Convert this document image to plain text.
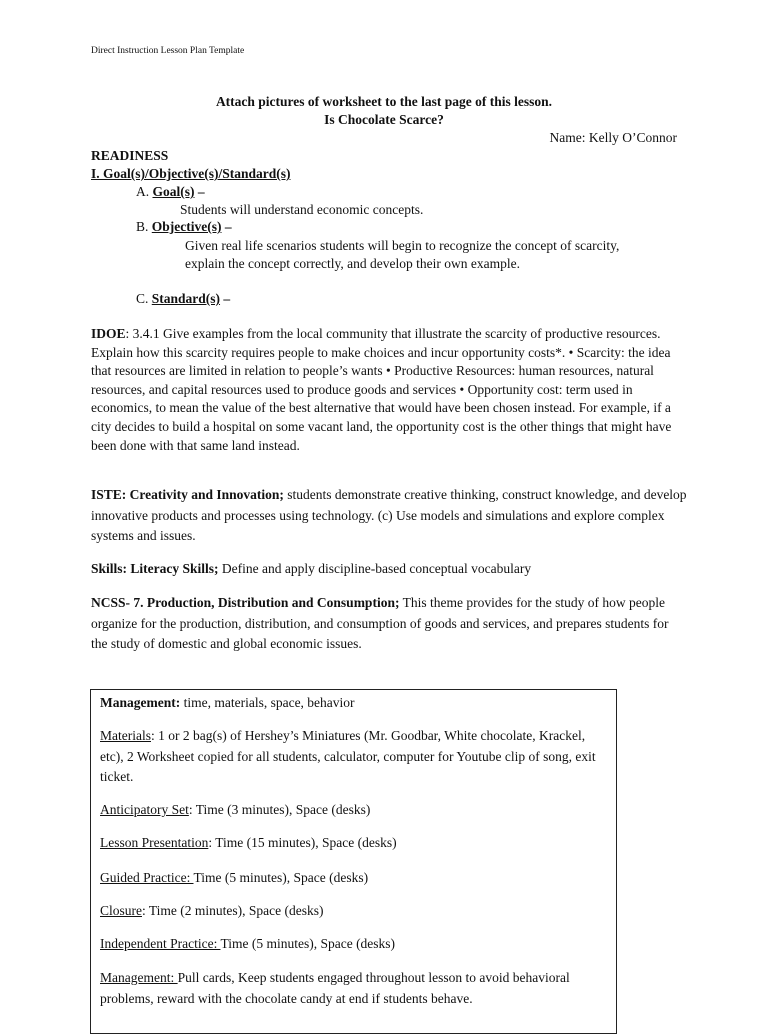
Direct Instruction Lesson Plan Template
Attach pictures of worksheet to the last page of this lesson.
Is Chocolate Scarce?
Name: Kelly O’Connor
READINESS
I. Goal(s)/Objective(s)/Standard(s)
A. Goal(s) –
Students will understand economic concepts.
B. Objective(s) –
Given real life scenarios students will begin to recognize the concept of scarcity,
explain the concept correctly, and develop their own example.
C. Standard(s) –
IDOE: 3.4.1 Give examples from the local community that illustrate the scarcity of productive resources. Explain how this scarcity requires people to make choices and incur opportunity costs*. • Scarcity: the idea that resources are limited in relation to people’s wants • Productive Resources: human resources, natural resources, and capital resources used to produce goods and services • Opportunity cost: term used in economics, to mean the value of the best alternative that would have been chosen instead. For example, if a city decides to build a hospital on some vacant land, the opportunity cost is the other things that might have been done with that same land instead.
ISTE: Creativity and Innovation; students demonstrate creative thinking, construct knowledge, and develop innovative products and processes using technology. (c) Use models and simulations and explore complex systems and issues.
Skills: Literacy Skills; Define and apply discipline-based conceptual vocabulary
NCSS- 7. Production, Distribution and Consumption; This theme provides for the study of how people organize for the production, distribution, and consumption of goods and services, and prepares students for the study of domestic and global economic issues.
Management: time, materials, space, behavior
Materials: 1 or 2 bag(s) of Hershey’s Miniatures (Mr. Goodbar, White chocolate, Krackel, etc), 2 Worksheet copied for all students, calculator, computer for Youtube clip of song, exit ticket.
Anticipatory Set: Time (3 minutes), Space (desks)
Lesson Presentation: Time (15 minutes), Space (desks)
Guided Practice: Time (5 minutes), Space (desks)
Closure: Time (2 minutes), Space (desks)
Independent Practice: Time (5 minutes), Space (desks)
Management: Pull cards, Keep students engaged throughout lesson to avoid behavioral problems, reward with the chocolate candy at end if students behave.
